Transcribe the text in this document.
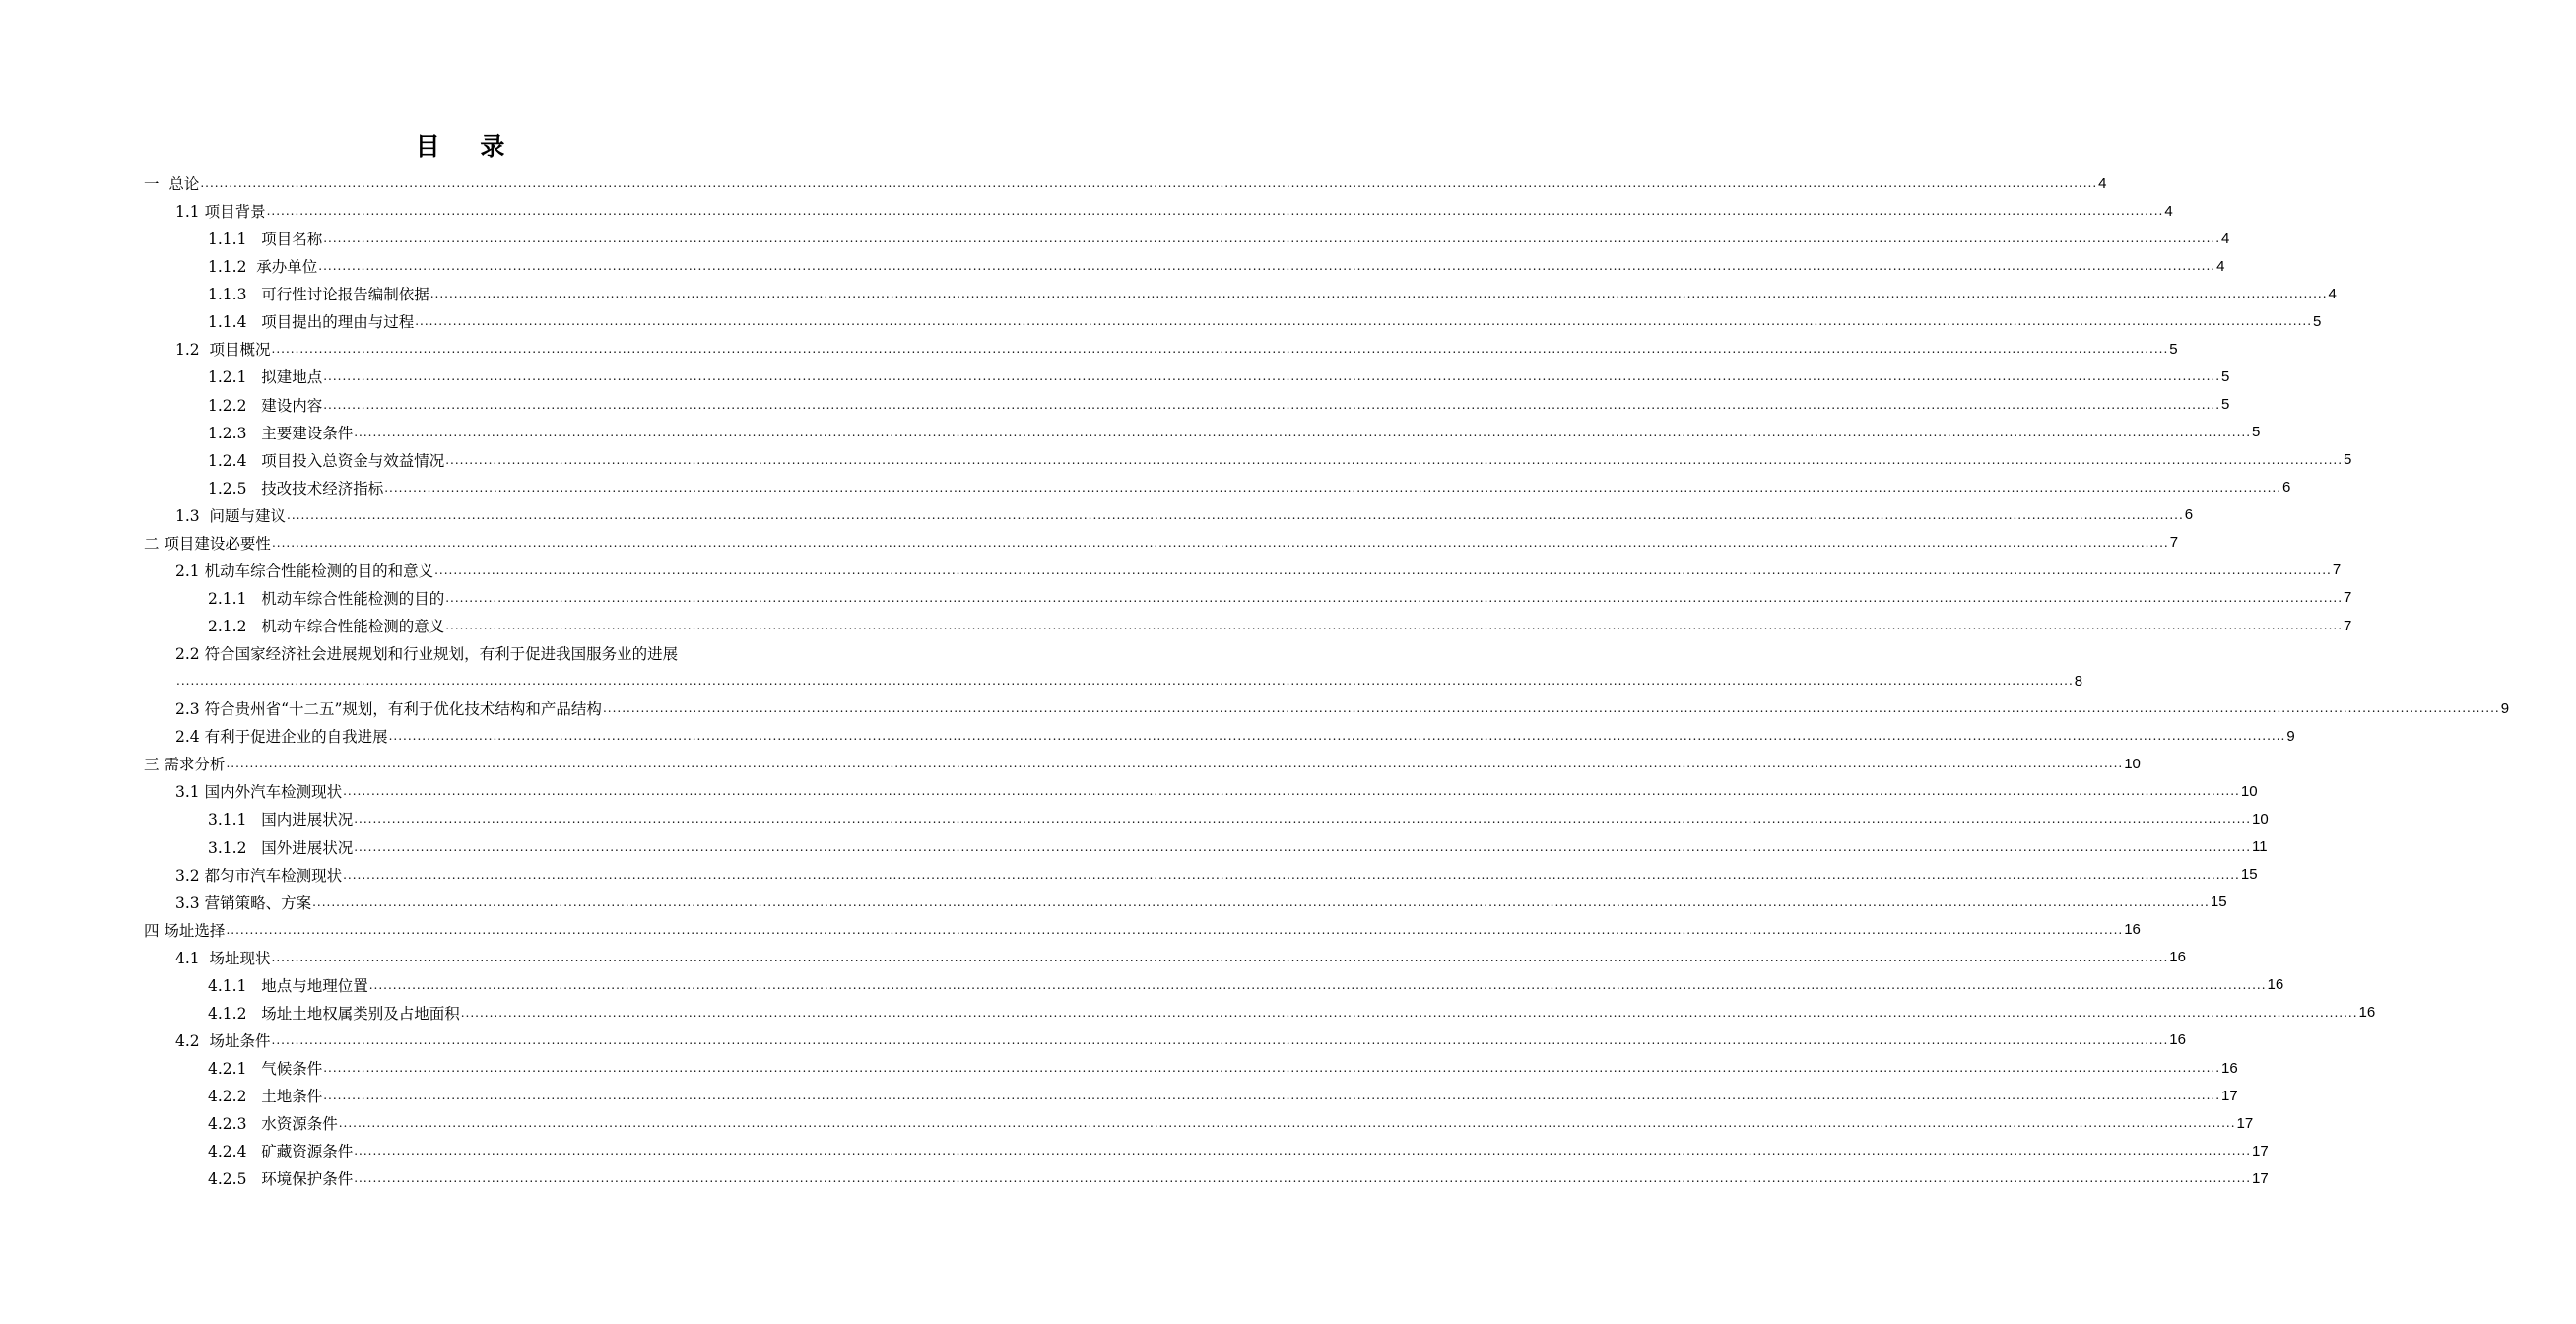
目 录
一  总论 ................................................................................................................................................................................................................................................................................................................................................................................................................ 4
1.1 项目背景 ................................................................................................................................................................................................................................................................................................................................................................................................................ 4
1.1.1   项目名称 ................................................................................................................................................................................................................................................................................................................................................................................................................ 4
1.1.2  承办单位 ................................................................................................................................................................................................................................................................................................................................................................................................................ 4
1.1.3   可行性讨论报告编制依据 ................................................................................................................................................................................................................................................................................................................................................................................................................ 4
1.1.4   项目提出的理由与过程 ................................................................................................................................................................................................................................................................................................................................................................................................................ 5
1.2  项目概况 ................................................................................................................................................................................................................................................................................................................................................................................................................ 5
1.2.1   拟建地点 ................................................................................................................................................................................................................................................................................................................................................................................................................ 5
1.2.2   建设内容 ................................................................................................................................................................................................................................................................................................................................................................................................................ 5
1.2.3   主要建设条件 ................................................................................................................................................................................................................................................................................................................................................................................................................ 5
1.2.4   项目投入总资金与效益情况 ................................................................................................................................................................................................................................................................................................................................................................................................................ 5
1.2.5   技改技术经济指标 ................................................................................................................................................................................................................................................................................................................................................................................................................ 6
1.3  问题与建议 ................................................................................................................................................................................................................................................................................................................................................................................................................ 6
二 项目建设必要性 ................................................................................................................................................................................................................................................................................................................................................................................................................ 7
2.1 机动车综合性能检测的目的和意义 ................................................................................................................................................................................................................................................................................................................................................................................................................ 7
2.1.1   机动车综合性能检测的目的 ................................................................................................................................................................................................................................................................................................................................................................................................................ 7
2.1.2   机动车综合性能检测的意义 ................................................................................................................................................................................................................................................................................................................................................................................................................ 7
2.2 符合国家经济社会进展规划和行业规划，有利于促进我国服务业的进展
................................................................................................................................................................................................................................................................................................................................................................................................................ 8
2.3 符合贵州省“十二五”规划，有利于优化技术结构和产品结构 ................................................................................................................................................................................................................................................................................................................................................................................................................ 9
2.4 有利于促进企业的自我进展 ................................................................................................................................................................................................................................................................................................................................................................................................................ 9
三 需求分析 ................................................................................................................................................................................................................................................................................................................................................................................................................ 10
3.1 国内外汽车检测现状 ................................................................................................................................................................................................................................................................................................................................................................................................................ 10
3.1.1   国内进展状况 ................................................................................................................................................................................................................................................................................................................................................................................................................ 10
3.1.2   国外进展状况 ................................................................................................................................................................................................................................................................................................................................................................................................................ 11
3.2 都匀市汽车检测现状 ................................................................................................................................................................................................................................................................................................................................................................................................................ 15
3.3 营销策略、方案 ................................................................................................................................................................................................................................................................................................................................................................................................................ 15
四 场址选择 ................................................................................................................................................................................................................................................................................................................................................................................................................ 16
4.1  场址现状 ................................................................................................................................................................................................................................................................................................................................................................................................................ 16
4.1.1   地点与地理位置 ................................................................................................................................................................................................................................................................................................................................................................................................................ 16
4.1.2   场址土地权属类别及占地面积 ................................................................................................................................................................................................................................................................................................................................................................................................................ 16
4.2  场址条件 ................................................................................................................................................................................................................................................................................................................................................................................................................ 16
4.2.1   气候条件 ................................................................................................................................................................................................................................................................................................................................................................................................................ 16
4.2.2   土地条件 ................................................................................................................................................................................................................................................................................................................................................................................................................ 17
4.2.3   水资源条件 ................................................................................................................................................................................................................................................................................................................................................................................................................ 17
4.2.4   矿藏资源条件 ................................................................................................................................................................................................................................................................................................................................................................................................................ 17
4.2.5   环境保护条件 ................................................................................................................................................................................................................................................................................................................................................................................................................ 17
